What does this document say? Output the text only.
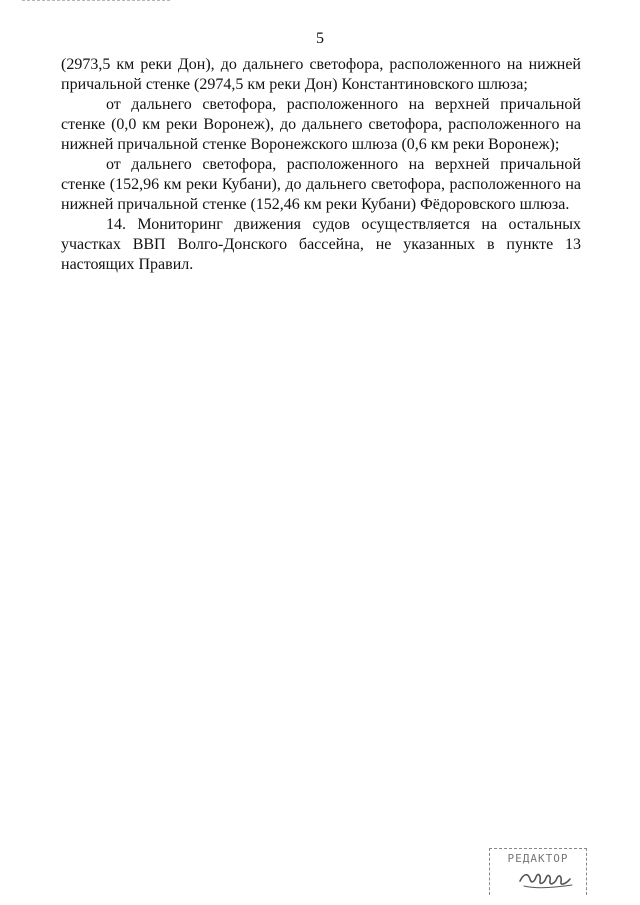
5

(2973,5 км реки Дон), до дальнего светофора, расположенного на нижней причальной стенке (2974,5 км реки Дон) Константиновского шлюза;

от дальнего светофора, расположенного на верхней причальной стенке (0,0 км реки Воронеж), до дальнего светофора, расположенного на нижней причальной стенке Воронежского шлюза (0,6 км реки Воронеж);

от дальнего светофора, расположенного на верхней причальной стенке (152,96 км реки Кубани), до дальнего светофора, расположенного на нижней причальной стенке (152,46 км реки Кубани) Фёдоровского шлюза.

14. Мониторинг движения судов осуществляется на остальных участках ВВП Волго-Донского бассейна, не указанных в пункте 13 настоящих Правил.

РЕДАКТОР
